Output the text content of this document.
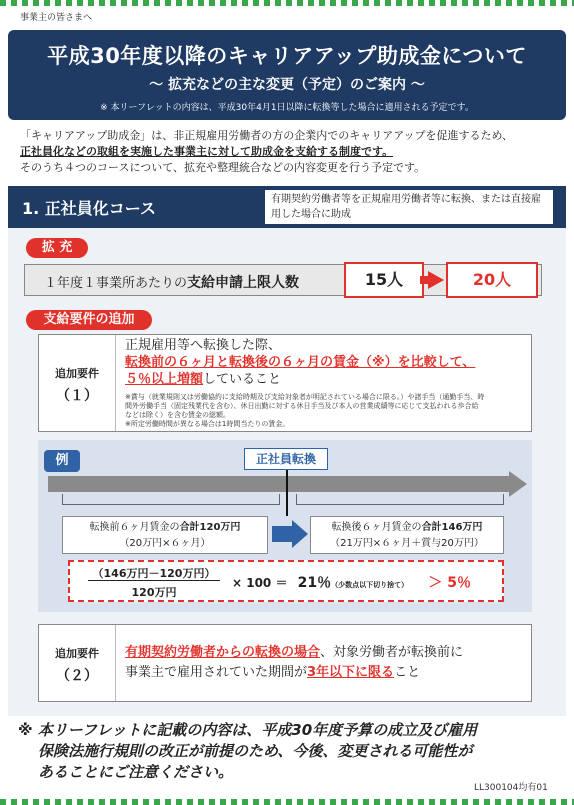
事業主の皆さまへ
平成30年度以降のキャリアアップ助成金について
～ 拡充などの主な変更（予定）のご案内 ～
※ 本リーフレットの内容は、平成30年4月1日以降に転換等した場合に適用される予定です。
「キャリアアップ助成金」は、非正規雇用労働者の方の企業内でのキャリアアップを促進するため、
正社員化などの取組を実施した事業主に対して助成金を支給する制度です。
そのうち４つのコースについて、拡充や整理統合などの内容変更を行う予定です。
1. 正社員化コース	有期契約労働者等を正規雇用労働者等に転換、または直接雇用した場合に助成
拡 充
１年度１事業所あたりの支給申請上限人数	15人	20人
支給要件の追加
追加要件
（１）
正規雇用等へ転換した際、
転換前の６ヶ月と転換後の６ヶ月の賃金（※）を比較して、
５％以上増額していること
※賞与（就業規則又は労働協約に支給時期及び支給対象者が明記されている場合に限る。）や諸手当（通勤手当、時
間外労働手当（固定残業代を含む）、休日出勤に対する休日手当及び本人の営業成績等に応じて支払われる歩合給
などは除く）を含む賃金の総額。
※所定労働時間が異なる場合は1時間当たりの賃金。
例	正社員転換
転換前６ヶ月賃金の合計120万円
（20万円×６ヶ月）
転換後６ヶ月賃金の合計146万円
（21万円×６ヶ月＋賞与20万円）
（146万円－120万円）
120万円
× 100 ＝ 21％（少数点以下切り捨て） ＞ 5％
追加要件
（２）
有期契約労働者からの転換の場合、対象労働者が転換前に
事業主で雇用されていた期間が3年以下に限ること
※ 本リーフレットに記載の内容は、平成30年度予算の成立及び雇用
保険法施行規則の改正が前提のため、今後、変更される可能性が
あることにご注意ください。
LL300104均有01
